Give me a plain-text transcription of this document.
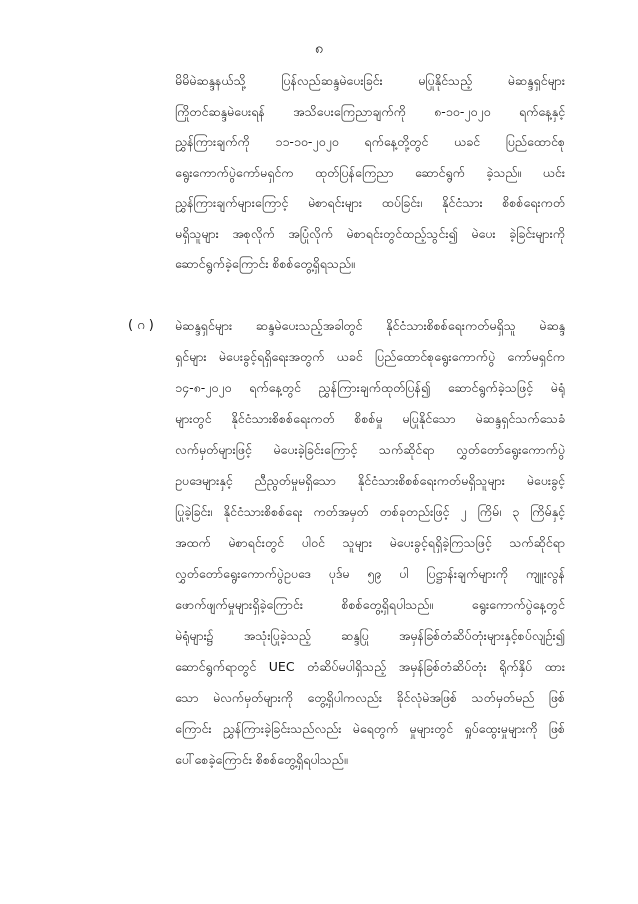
၈
မိမိမဲဆန္ဒနယ်သို့ ပြန်လည်ဆန္ဒမဲပေးခြင်း မပြုနိုင်သည့် မဲဆန္ဒရှင်များ
ကြိုတင်ဆန္ဒမဲပေးရန် အသိပေးကြေညာချက်ကို ၈-၁၀-၂၀၂၀ ရက်နေ့နှင့်
ညွှန်ကြားချက်ကို ၁၁-၁၀-၂၀၂၀ ရက်နေ့တို့တွင် ယခင် ပြည်ထောင်စု
ရွေးကောက်ပွဲကော်မရှင်က ထုတ်ပြန်ကြေညာ ဆောင်ရွက် ခဲ့သည်။ ယင်း
ညွှန်ကြားချက်များကြောင့် မဲစာရင်းများ ထပ်ခြင်း၊ နိုင်ငံသား စိစစ်ရေးကတ်
မရှိသူများ အစုလိုက် အပြုံလိုက် မဲစာရင်းတွင်ထည့်သွင်း၍ မဲပေး ခဲ့ခြင်းများကို
ဆောင်ရွက်ခဲ့ကြောင်း စိစစ်တွေ့ရှိရသည်။
( ဂ ) မဲဆန္ဒရှင်များ ဆန္ဒမဲပေးသည့်အခါတွင် နိုင်ငံသားစိစစ်ရေးကတ်မရှိသူ မဲဆန္ဒ
ရှင်များ မဲပေးခွင့်ရရှိရေးအတွက် ယခင် ပြည်ထောင်စုရွေးကောက်ပွဲ ကော်မရှင်က
၁၄-၈-၂၀၂၀ ရက်နေ့တွင် ညွှန်ကြားချက်ထုတ်ပြန်၍ ဆောင်ရွက်ခဲ့သဖြင့် မဲရုံ
များတွင် နိုင်ငံသားစိစစ်ရေးကတ် စိစစ်မှု မပြုနိုင်သော မဲဆန္ဒရှင်သက်သေခံ
လက်မှတ်များဖြင့် မဲပေးခဲ့ခြင်းကြောင့် သက်ဆိုင်ရာ လွှတ်တော်ရွေးကောက်ပွဲ
ဥပဒေများနှင့် ညီညွတ်မှုမရှိသော နိုင်ငံသားစိစစ်ရေးကတ်မရှိသူများ မဲပေးခွင့်
ပြုခဲ့ခြင်း၊ နိုင်ငံသားစိစစ်ရေး ကတ်အမှတ် တစ်ခုတည်းဖြင့် ၂ ကြိမ်၊ ၃ ကြိမ်နှင့်
အထက် မဲစာရင်းတွင် ပါဝင် သူများ မဲပေးခွင့်ရရှိခဲ့ကြသဖြင့် သက်ဆိုင်ရာ
လွှတ်တော်ရွေးကောက်ပွဲဥပဒေ ပုဒ်မ ၅၉ ပါ ပြဋ္ဌာန်းချက်များကို ကျူးလွန်
ဖောက်ဖျက်မှုများရှိခဲ့ကြောင်း စိစစ်တွေ့ရှိရပါသည်။ ရွေးကောက်ပွဲနေ့တွင်
မဲရုံများ၌ အသုံးပြုခဲ့သည့် ဆန္ဒပြု အမှန်ခြစ်တံဆိပ်တုံးများနှင့်စပ်လျဉ်း၍
ဆောင်ရွက်ရာတွင် UEC တံဆိပ်မပါရှိသည့် အမှန်ခြစ်တံဆိပ်တုံး ရိုက်နှိပ် ထား
သော မဲလက်မှတ်များကို တွေ့ရှိပါကလည်း ခိုင်လုံမဲအဖြစ် သတ်မှတ်မည် ဖြစ်
ကြောင်း ညွှန်ကြားခဲ့ခြင်းသည်လည်း မဲရေတွက် မှုများတွင် ရှုပ်ထွေးမှုများကို ဖြစ်
ပေါ်စေခဲ့ကြောင်း စိစစ်တွေ့ရှိရပါသည်။
